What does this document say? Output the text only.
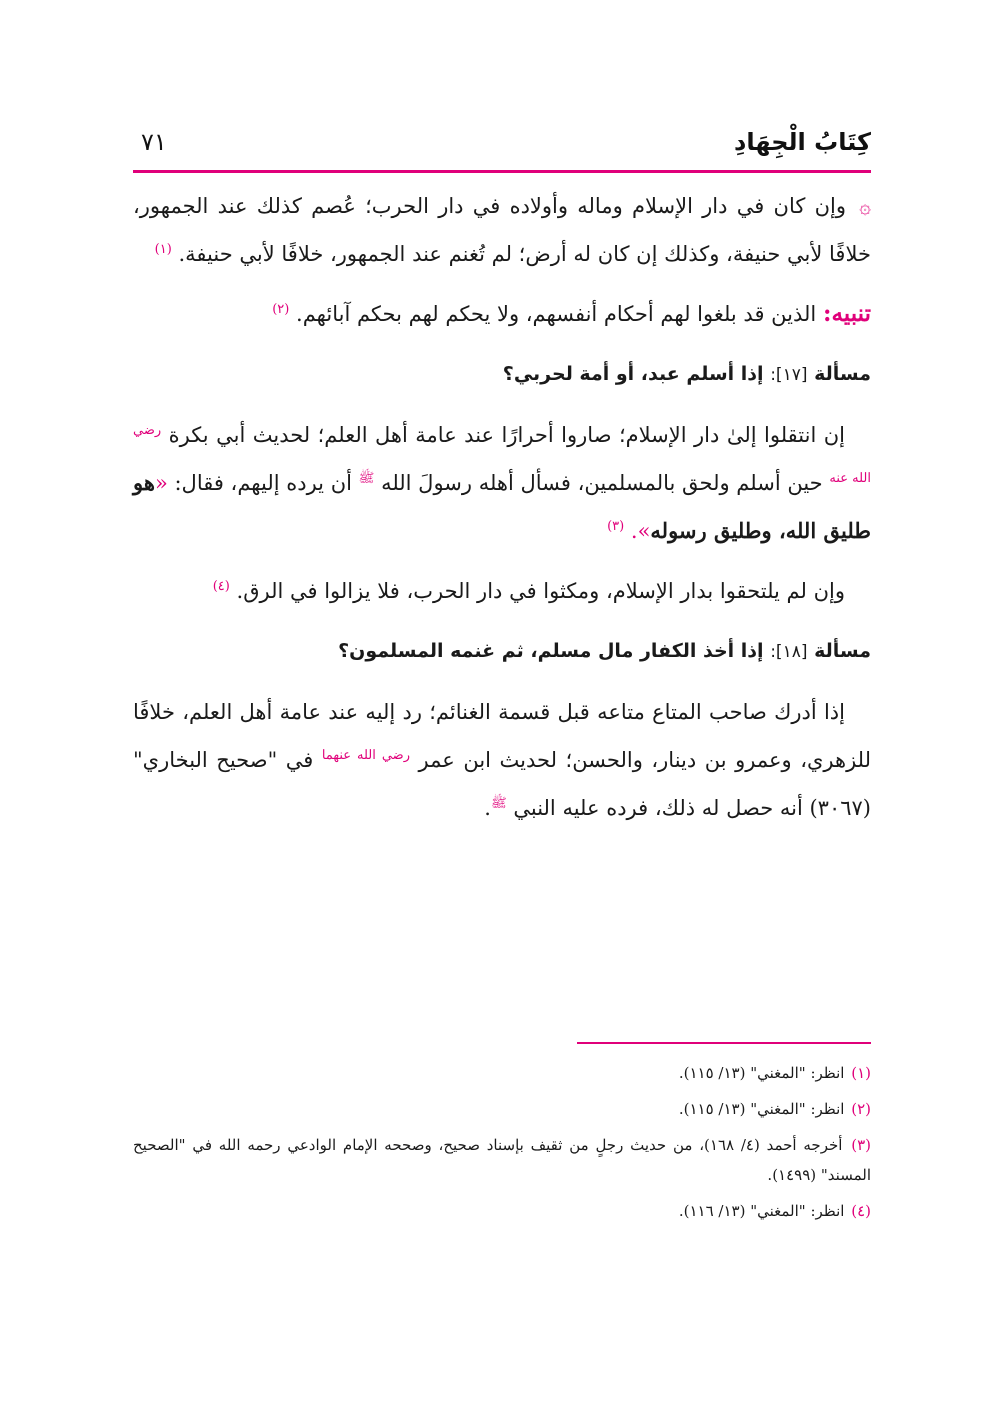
كِتَابُ الْجِهَادِ
٧١

۞ وإن كان في دار الإسلام وماله وأولاده في دار الحرب؛ عُصم كذلك عند الجمهور، خلافًا لأبي حنيفة، وكذلك إن كان له أرض؛ لم تُغنم عند الجمهور، خلافًا لأبي حنيفة. $^{(١)}$

تنبيه: الذين قد بلغوا لهم أحكام أنفسهم، ولا يحكم لهم بحكم آبائهم. $^{(٢)}$

مسألة [١٧]: إذا أسلم عبد، أو أمة لحربي؟

إن انتقلوا إلىٰ دار الإسلام؛ صاروا أحرارًا عند عامة أهل العلم؛ لحديث أبي بكرة $^{رضي الله عنه}$ حين أسلم ولحق بالمسلمين، فسأل أهله رسولَ الله $^ﷺ$ أن يرده إليهم، فقال: «هو طليق الله، وطليق رسوله». $^{(٣)}$

وإن لم يلتحقوا بدار الإسلام، ومكثوا في دار الحرب، فلا يزالوا في الرق. $^{(٤)}$

مسألة [١٨]: إذا أخذ الكفار مال مسلم، ثم غنمه المسلمون؟

إذا أدرك صاحب المتاع متاعه قبل قسمة الغنائم؛ رد إليه عند عامة أهل العلم، خلافًا للزهري، وعمرو بن دينار، والحسن؛ لحديث ابن عمر $^{رضي الله عنهما}$ في "صحيح البخاري" (٣٠٦٧) أنه حصل له ذلك، فرده عليه النبي $^ﷺ$.

(١) انظر: "المغني" (١٣/ ١١٥).

(٢) انظر: "المغني" (١٣/ ١١٥).

(٣) أخرجه أحمد (٤/ ١٦٨)، من حديث رجلٍ من ثقيف بإسناد صحيح، وصححه الإمام الوادعي رحمه الله في "الصحيح المسند" (١٤٩٩).

(٤) انظر: "المغني" (١٣/ ١١٦).
